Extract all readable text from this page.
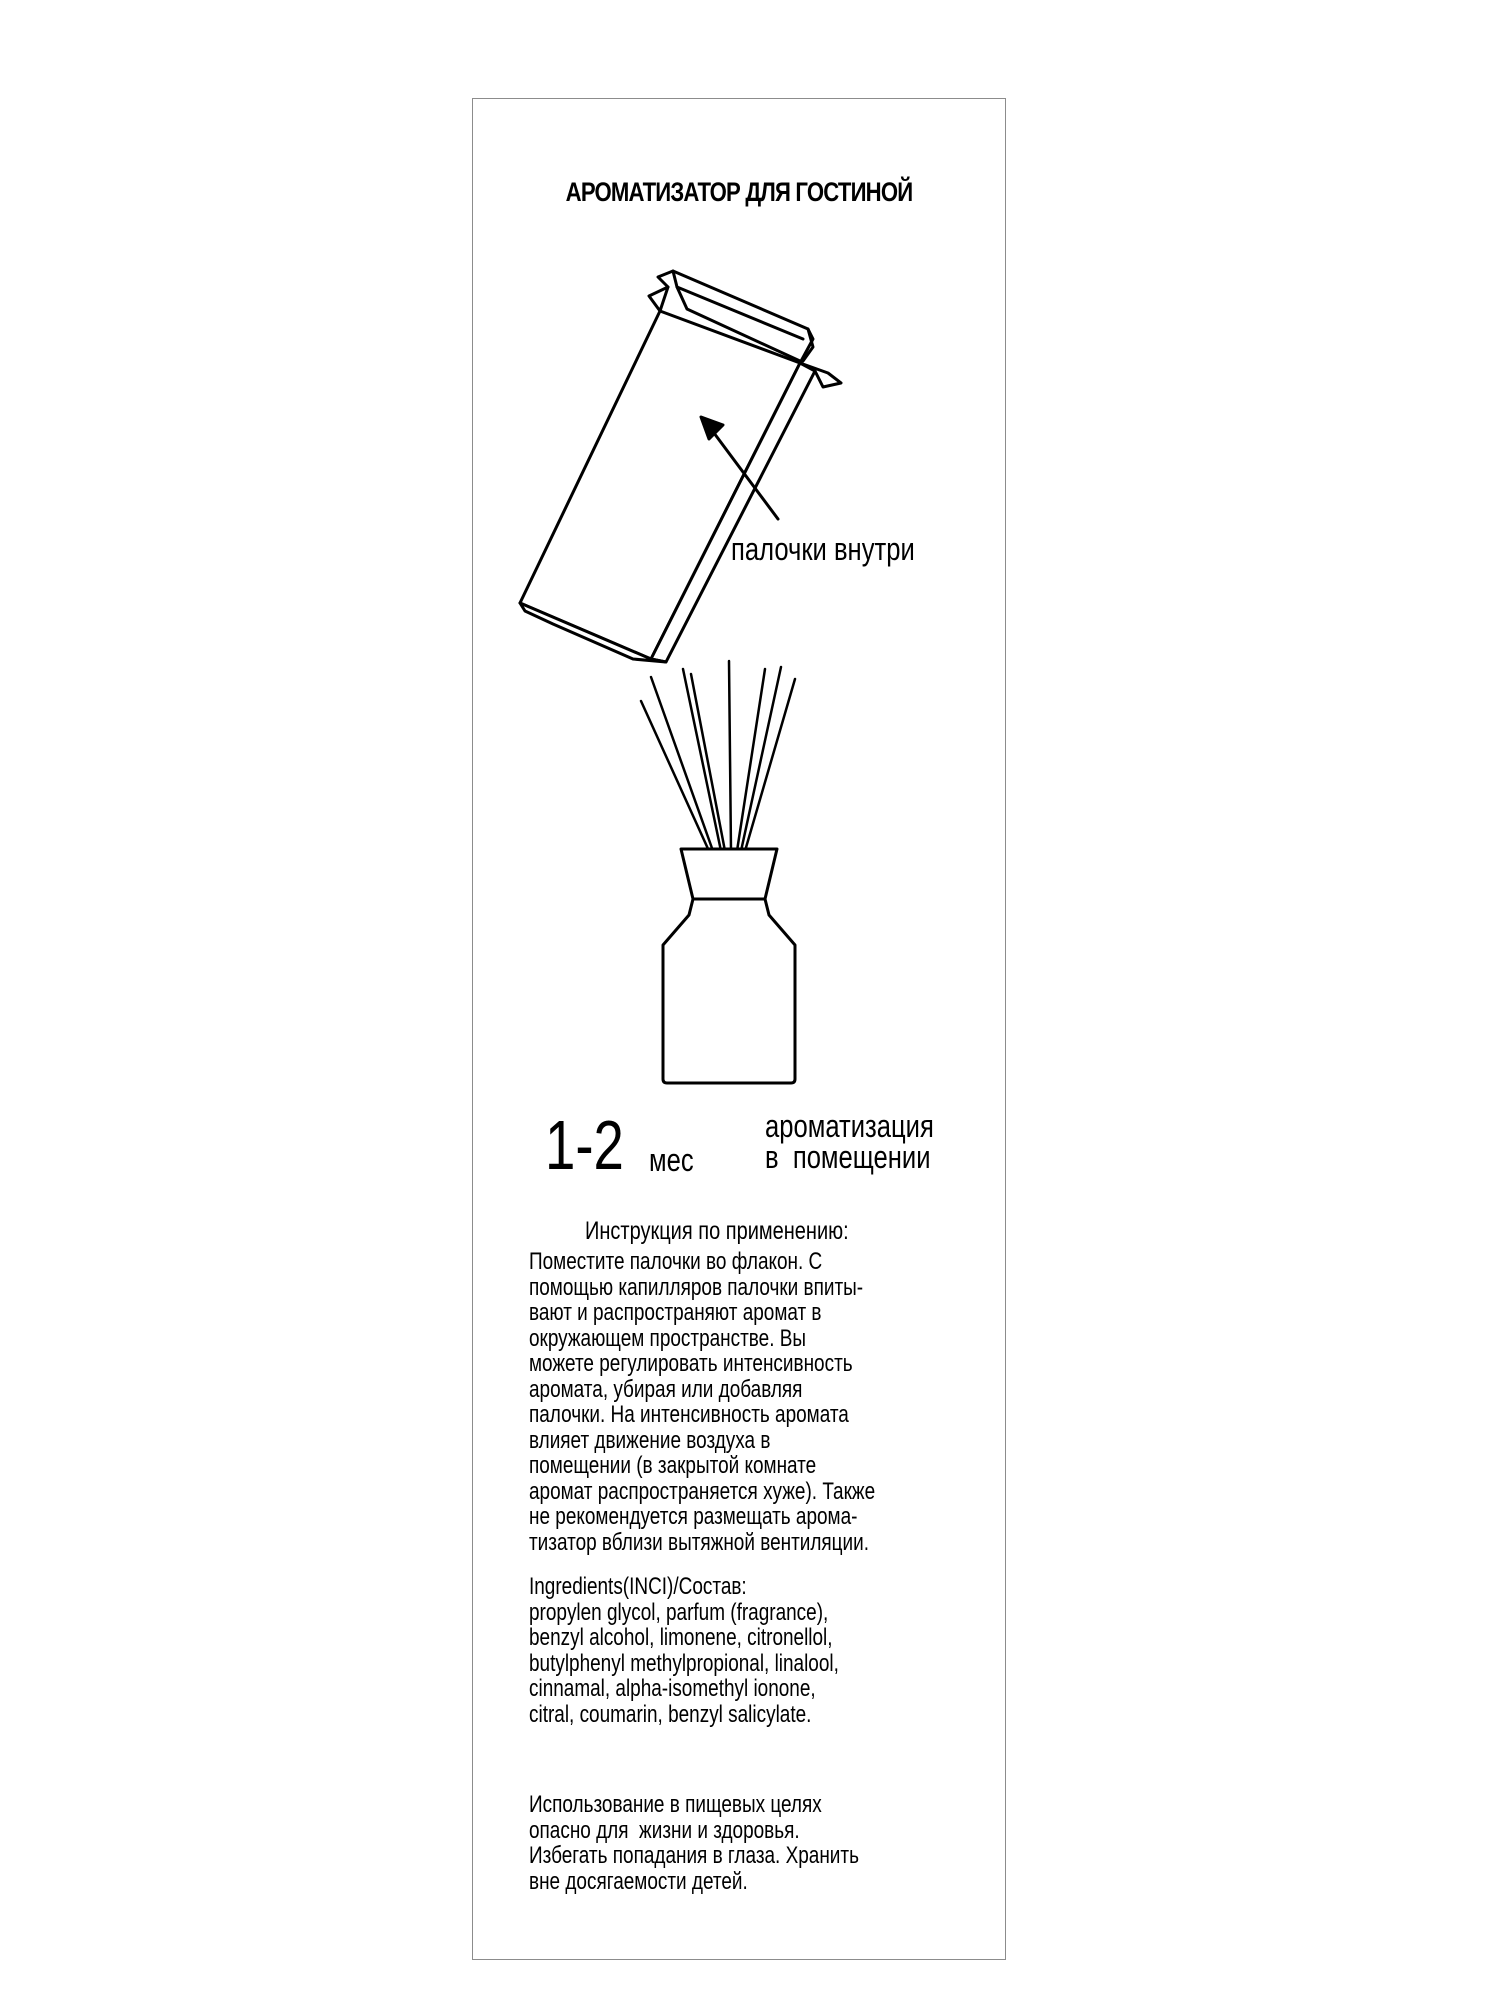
АРОМАТИЗАТОР ДЛЯ ГОСТИНОЙ
палочки внутри
1-2 мес
ароматизация
в  помещении
Инструкция по применению:
Поместите палочки во флакон. С
помощью капилляров палочки впиты-
вают и распространяют аромат в
окружающем пространстве. Вы
можете регулировать интенсивность
аромата, убирая или добавляя
палочки. На интенсивность аромата
влияет движение воздуха в
помещении (в закрытой комнате
аромат распространяется хуже). Также
не рекомендуется размещать арома-
тизатор вблизи вытяжной вентиляции.
Ingredients(INCI)/Состав:
propylen glycol, parfum (fragrance),
benzyl alcohol, limonene, citronellol,
butylphenyl methylpropional, linalool,
cinnamal, alpha-isomethyl ionone,
citral, coumarin, benzyl salicylate.
Использование в пищевых целях
опасно для  жизни и здоровья.
Избегать попадания в глаза. Хранить
вне досягаемости детей.
